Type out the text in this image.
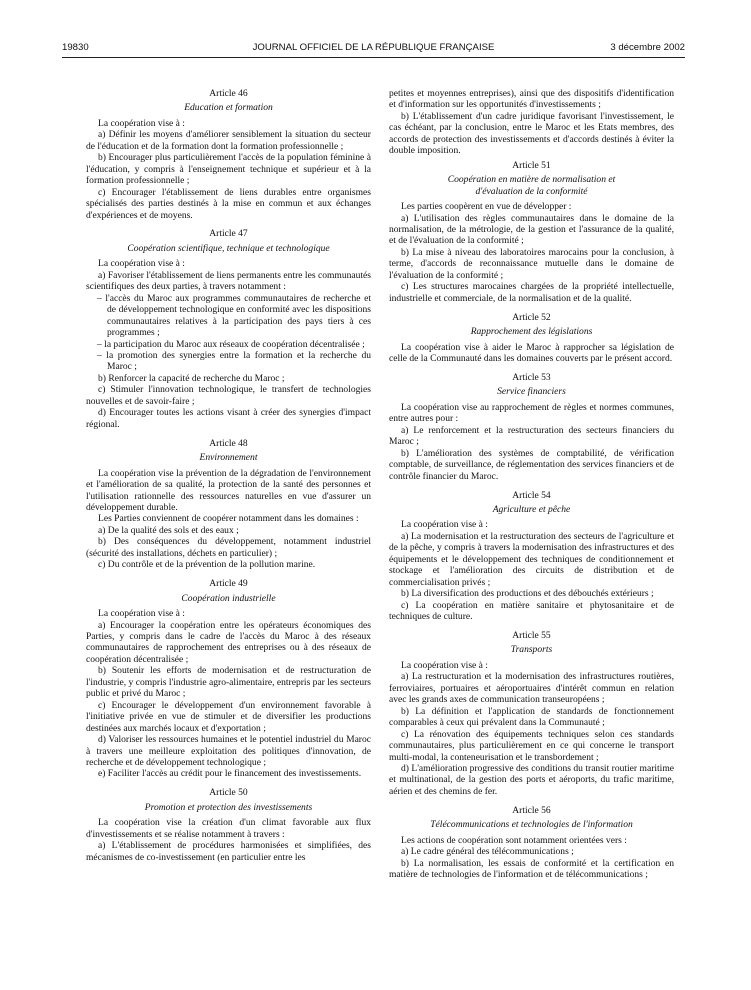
19830	JOURNAL OFFICIEL DE LA RÉPUBLIQUE FRANÇAISE	3 décembre 2002

Article 46

Education et formation

La coopération vise à :

a) Définir les moyens d'améliorer sensiblement la situation du secteur de l'éducation et de la formation dont la formation professionnelle ;

b) Encourager plus particulièrement l'accès de la population féminine à l'éducation, y compris à l'enseignement technique et supérieur et à la formation professionnelle ;

c) Encourager l'établissement de liens durables entre organismes spécialisés des parties destinés à la mise en commun et aux échanges d'expériences et de moyens.

Article 47

Coopération scientifique, technique et technologique

La coopération vise à :

a) Favoriser l'établissement de liens permanents entre les communautés scientifiques des deux parties, à travers notamment :

– l'accès du Maroc aux programmes communautaires de recherche et de développement technologique en conformité avec les dispositions communautaires relatives à la participation des pays tiers à ces programmes ;

– la participation du Maroc aux réseaux de coopération décentralisée ;

– la promotion des synergies entre la formation et la recherche du Maroc ;

b) Renforcer la capacité de recherche du Maroc ;

c) Stimuler l'innovation technologique, le transfert de technologies nouvelles et de savoir-faire ;

d) Encourager toutes les actions visant à créer des synergies d'impact régional.

Article 48

Environnement

La coopération vise la prévention de la dégradation de l'environnement et l'amélioration de sa qualité, la protection de la santé des personnes et l'utilisation rationnelle des ressources naturelles en vue d'assurer un développement durable.

Les Parties conviennent de coopérer notamment dans les domaines :

a) De la qualité des sols et des eaux ;

b) Des conséquences du développement, notamment industriel (sécurité des installations, déchets en particulier) ;

c) Du contrôle et de la prévention de la pollution marine.

Article 49

Coopération industrielle

La coopération vise à :

a) Encourager la coopération entre les opérateurs économiques des Parties, y compris dans le cadre de l'accès du Maroc à des réseaux communautaires de rapprochement des entreprises ou à des réseaux de coopération décentralisée ;

b) Soutenir les efforts de modernisation et de restructuration de l'industrie, y compris l'industrie agro-alimentaire, entrepris par les secteurs public et privé du Maroc ;

c) Encourager le développement d'un environnement favorable à l'initiative privée en vue de stimuler et de diversifier les productions destinées aux marchés locaux et d'exportation ;

d) Valoriser les ressources humaines et le potentiel industriel du Maroc à travers une meilleure exploitation des politiques d'innovation, de recherche et de développement technologique ;

e) Faciliter l'accès au crédit pour le financement des investissements.

Article 50

Promotion et protection des investissements

La coopération vise la création d'un climat favorable aux flux d'investissements et se réalise notamment à travers :

a) L'établissement de procédures harmonisées et simplifiées, des mécanismes de co-investissement (en particulier entre les

petites et moyennes entreprises), ainsi que des dispositifs d'identification et d'information sur les opportunités d'investissements ;

b) L'établissement d'un cadre juridique favorisant l'investissement, le cas échéant, par la conclusion, entre le Maroc et les Etats membres, des accords de protection des investissements et d'accords destinés à éviter la double imposition.

Article 51

Coopération en matière de normalisation et d'évaluation de la conformité

Les parties coopèrent en vue de développer :

a) L'utilisation des règles communautaires dans le domaine de la normalisation, de la métrologie, de la gestion et l'assurance de la qualité, et de l'évaluation de la conformité ;

b) La mise à niveau des laboratoires marocains pour la conclusion, à terme, d'accords de reconnaissance mutuelle dans le domaine de l'évaluation de la conformité ;

c) Les structures marocaines chargées de la propriété intellectuelle, industrielle et commerciale, de la normalisation et de la qualité.

Article 52

Rapprochement des législations

La coopération vise à aider le Maroc à rapprocher sa législation de celle de la Communauté dans les domaines couverts par le présent accord.

Article 53

Service financiers

La coopération vise au rapprochement de règles et normes communes, entre autres pour :

a) Le renforcement et la restructuration des secteurs financiers du Maroc ;

b) L'amélioration des systèmes de comptabilité, de vérification comptable, de surveillance, de réglementation des services financiers et de contrôle financier du Maroc.

Article 54

Agriculture et pêche

La coopération vise à :

a) La modernisation et la restructuration des secteurs de l'agriculture et de la pêche, y compris à travers la modernisation des infrastructures et des équipements et le développement des techniques de conditionnement et stockage et l'amélioration des circuits de distribution et de commercialisation privés ;

b) La diversification des productions et des débouchés extérieurs ;

c) La coopération en matière sanitaire et phytosanitaire et de techniques de culture.

Article 55

Transports

La coopération vise à :

a) La restructuration et la modernisation des infrastructures routières, ferroviaires, portuaires et aéroportuaires d'intérêt commun en relation avec les grands axes de communication transeuropéens ;

b) La définition et l'application de standards de fonctionnement comparables à ceux qui prévalent dans la Communauté ;

c) La rénovation des équipements techniques selon ces standards communautaires, plus particulièrement en ce qui concerne le transport multi-modal, la conteneurisation et le transbordement ;

d) L'amélioration progressive des conditions du transit routier maritime et multinational, de la gestion des ports et aéroports, du trafic maritime, aérien et des chemins de fer.

Article 56

Télécommunications et technologies de l'information

Les actions de coopération sont notamment orientées vers :

a) Le cadre général des télécommunications ;

b) La normalisation, les essais de conformité et la certification en matière de technologies de l'information et de télécommunications ;
